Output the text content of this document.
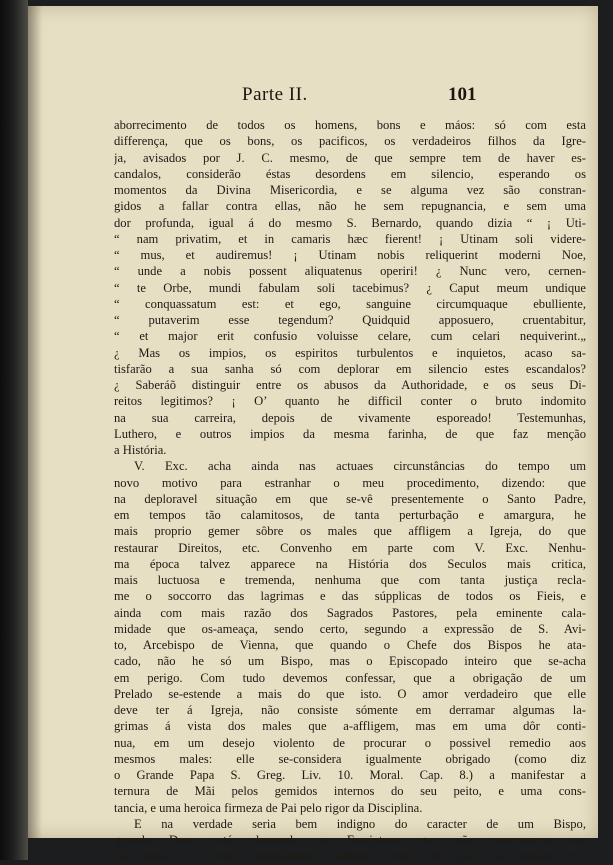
Parte II.	101
aborrecimento de todos os homens, bons e máos: só com esta
differença, que os bons, os pacificos, os verdadeiros filhos da Igre-
ja, avisados por J. C. mesmo, de que sempre tem de haver es-
candalos, considerão éstas desordens em silencio, esperando os
momentos da Divina Misericordia, e se alguma vez são constran-
gidos a fallar contra ellas, não he sem repugnancia, e sem uma
dor profunda, igual á do mesmo S. Bernardo, quando dizia “ ¡ Uti-
“ nam privatim, et in camaris hæc fierent! ¡ Utinam soli videre-
“ mus, et audiremus! ¡ Utinam nobis reliquerint moderni Noe,
“ unde a nobis possent aliquatenus operiri! ¿ Nunc vero, cernen-
“ te Orbe, mundi fabulam soli tacebimus? ¿ Caput meum undique
“ conquassatum est: et ego, sanguine circumquaque ebulliente,
“ putaverim esse tegendum? Quidquid apposuero, cruentabitur,
“ et major erit confusio voluisse celare, cum celari nequiverint.„
¿ Mas os impios, os espiritos turbulentos e inquietos, acaso sa-
tisfarão a sua sanha só com deplorar em silencio estes escandalos?
¿ Saberáõ distinguir entre os abusos da Authoridade, e os seus Di-
reitos legitimos? ¡ O’ quanto he difficil conter o bruto indomito
na sua carreira, depois de vivamente esporeado! Testemunhas,
Luthero, e outros impios da mesma farinha, de que faz menção
a História.
V. Exc. acha ainda nas actuaes circunstâncias do tempo um
novo motivo para estranhar o meu procedimento, dizendo: que
na deploravel situação em que se-vê presentemente o Santo Padre,
em tempos tão calamitosos, de tanta perturbação e amargura, he
mais proprio gemer sôbre os males que affligem a Igreja, do que
restaurar Direitos, etc. Convenho em parte com V. Exc. Nenhu-
ma época talvez apparece na História dos Seculos mais critica,
mais luctuosa e tremenda, nenhuma que com tanta justiça recla-
me o soccorro das lagrimas e das súpplicas de todos os Fieis, e
ainda com mais razão dos Sagrados Pastores, pela eminente cala-
midade que os-ameaça, sendo certo, segundo a expressão de S. Avi-
to, Arcebispo de Vienna, que quando o Chefe dos Bispos he ata-
cado, não he só um Bispo, mas o Episcopado inteiro que se-acha
em perigo. Com tudo devemos confessar, que a obrigação de um
Prelado se-estende a mais do que isto. O amor verdadeiro que elle
deve ter á Igreja, não consiste sómente em derramar algumas la-
grimas á vista dos males que a-affligem, mas em uma dôr conti-
nua, em um desejo violento de procurar o possivel remedio aos
mesmos males: elle se-considera igualmente obrigado (como diz
o Grande Papa S. Greg. Liv. 10. Moral. Cap. 8.) a manifestar a
ternura de Mãi pelos gemidos internos do seu peito, e uma cons-
tancia, e uma heroica firmeza de Pai pelo rigor da Disciplina.
E na verdade seria bem indigno do caracter de um Bispo,
quando Deos está clamando na Escriptura, que não procuremos ou-
tra causa d’ éstas calamidades públicas mais do que os nossos cri-
